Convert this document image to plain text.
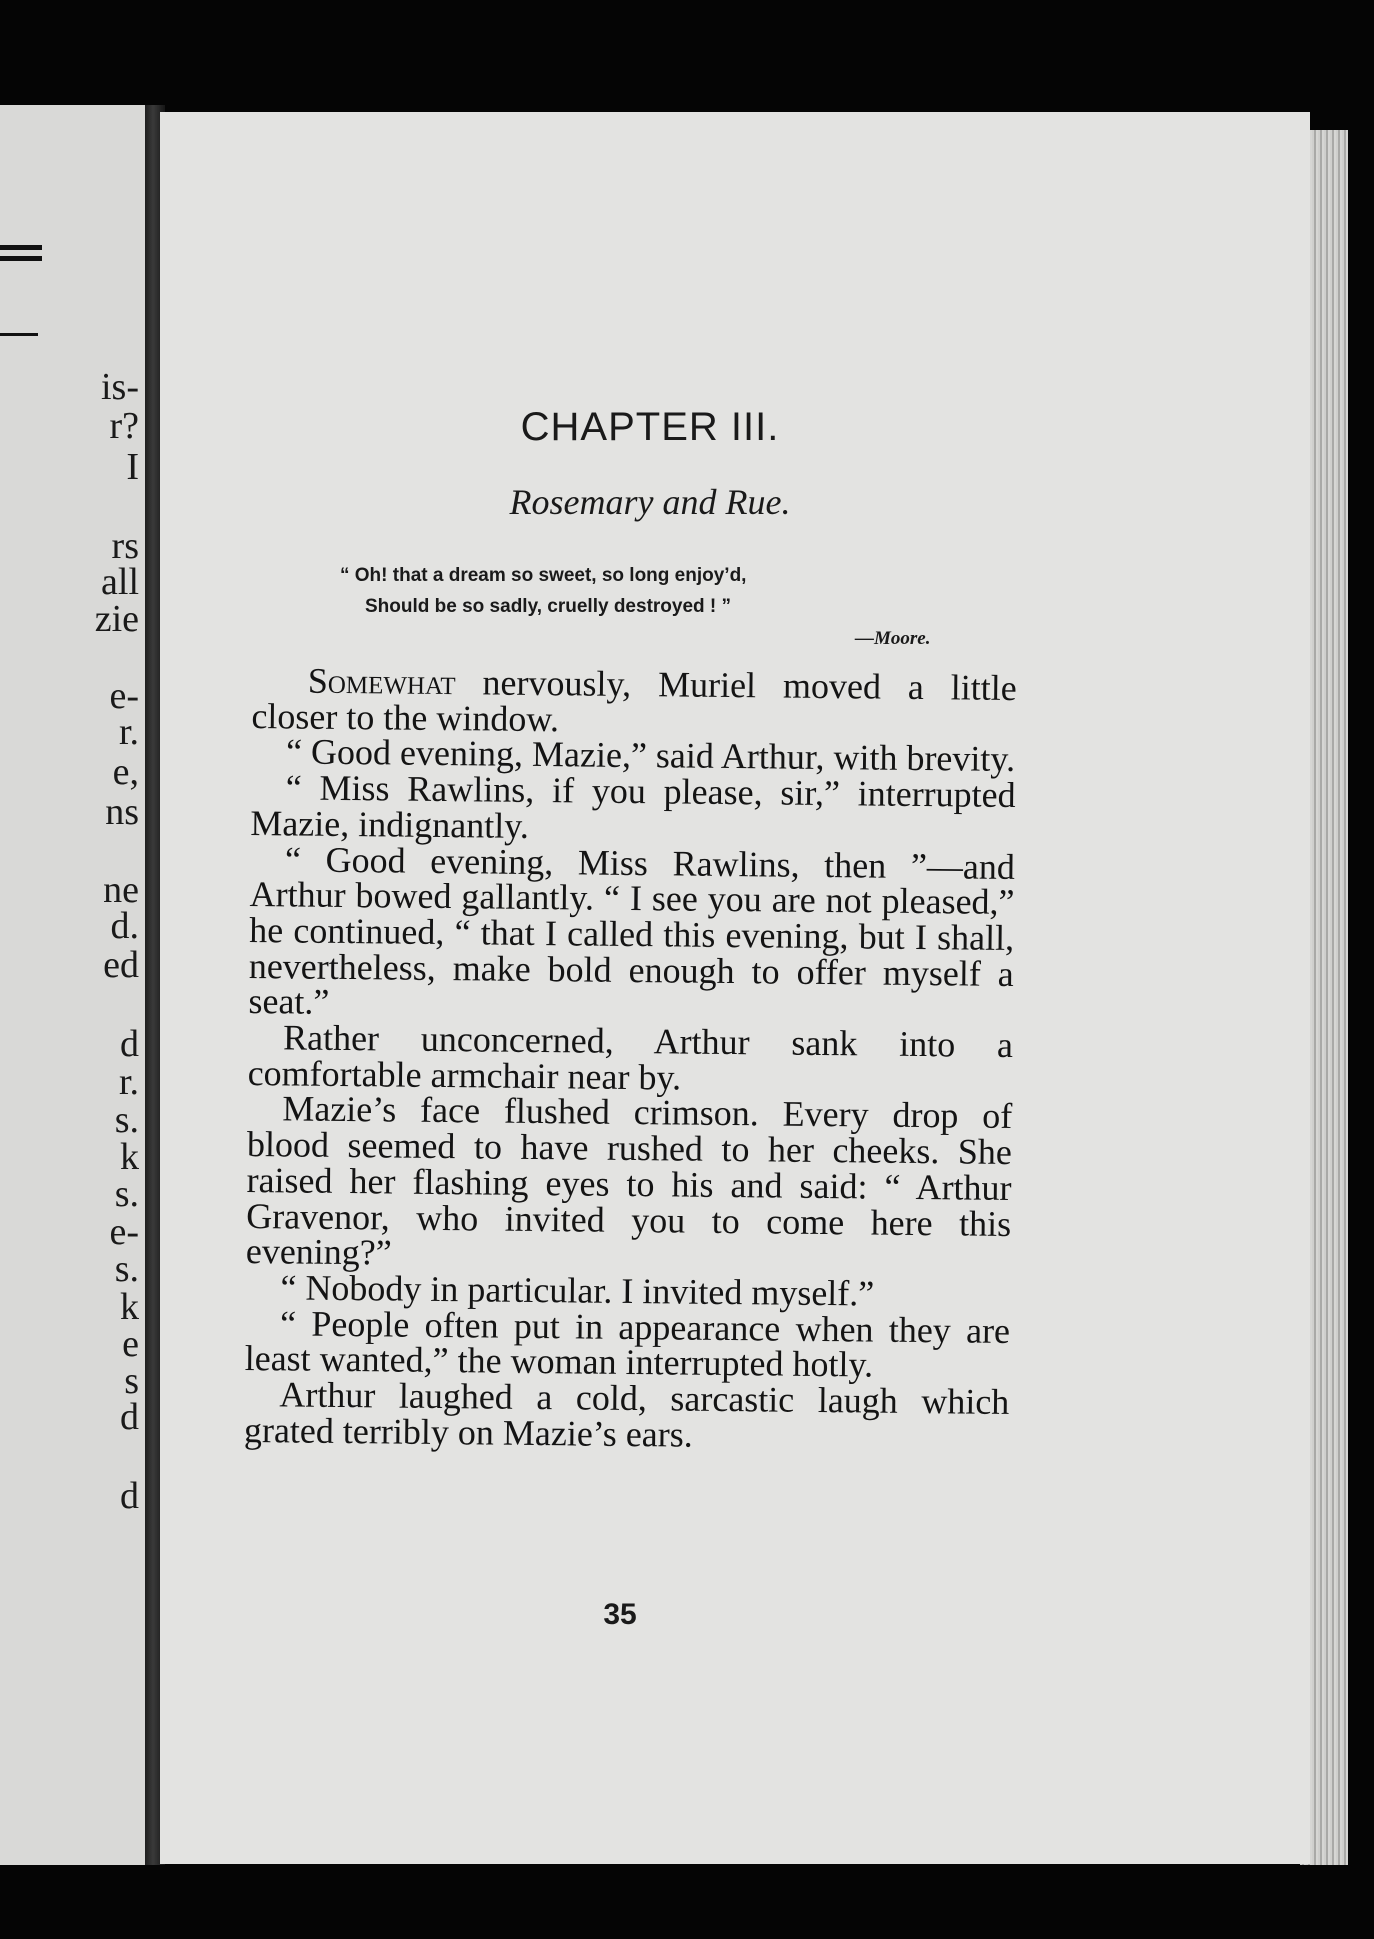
is-
r?
I
rs
all
zie
e-
r.
e,
ns
ne
d.
ed
d
r.
s.
k
s.
e-
s.
k
e
s
d
d
CHAPTER III.
Rosemary and Rue.
“ Oh! that a dream so sweet, so long enjoy’d,
Should be so sadly, cruelly destroyed ! ”
—Moore.

Somewhat nervously, Muriel moved a little closer to the window.

“ Good evening, Mazie,” said Arthur, with brevity.

“ Miss Rawlins, if you please, sir,” interrupted Mazie, indignantly.

“ Good evening, Miss Rawlins, then ”—and Arthur bowed gallantly. “ I see you are not pleased,” he continued, “ that I called this evening, but I shall, nevertheless, make bold enough to offer myself a seat.”

Rather unconcerned, Arthur sank into a comfortable armchair near by.

Mazie’s face flushed crimson. Every drop of blood seemed to have rushed to her cheeks. She raised her flashing eyes to his and said: “ Arthur Gravenor, who invited you to come here this evening?”

“ Nobody in particular. I invited myself.”

“ People often put in appearance when they are least wanted,” the woman interrupted hotly.

Arthur laughed a cold, sarcastic laugh which grated terribly on Mazie’s ears.

35
